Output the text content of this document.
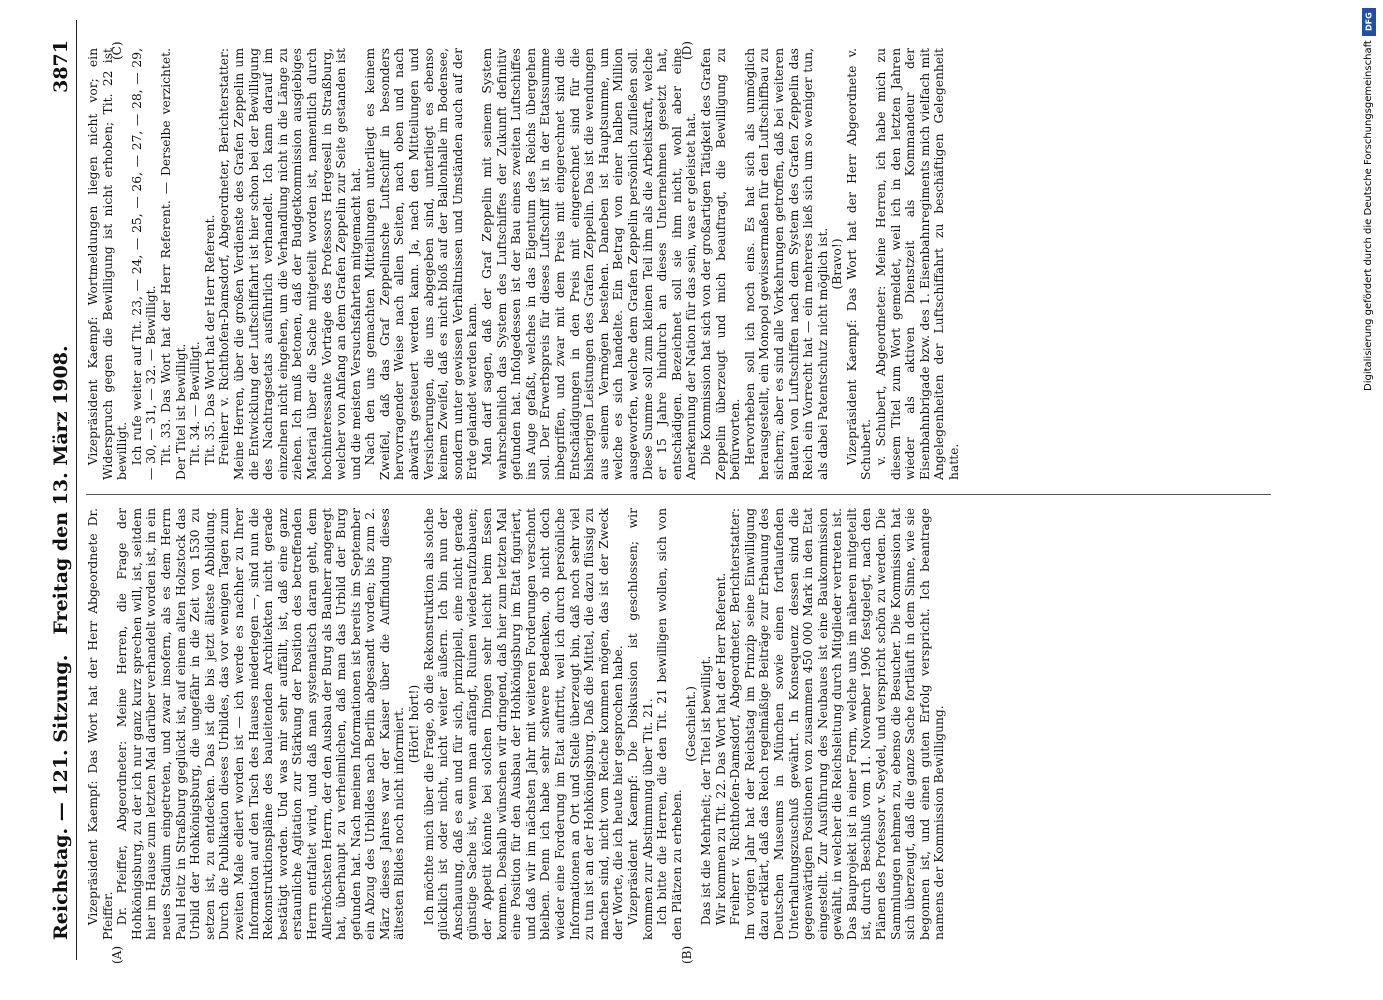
Reichstag. — 121. Sitzung.
Freitag den 13. März 1908.
3871
(A)	(B)
(C)	(D)

Vizepräsident Kaempf: Das Wort hat der Herr Abgeordnete Dr. Pfeiffer. Dr. Pfeiffer, Abgeordneter: Meine Herren, die Frage der Hohkönigsburg, zu der ich nur ganz kurz sprechen will, ist, seitdem hier im Hause zum letzten Mal darüber verhandelt worden ist, in ein neues Stadium eingetreten, und zwar insofern, als es dem Herrn Paul Heitz in Straßburg geglückt ist, auf einem alten Holzstock das Urbild der Hohkönigsburg, die ungefähr in die Zeit von 1530 zu setzen ist, zu entdecken. Das ist die bis jetzt älteste Abbildung. Durch die Publikation dieses Urbildes, das vor wenigen Tagen zum zweiten Male ediert worden ist — ich werde es nachher zu Ihrer Information auf den Tisch des Hauses niederlegen —, sind nun die Rekonstruktionspläne des bauleitenden Architekten nicht gerade bestätigt worden. Und was mir sehr auffällt, ist, daß eine ganz erstaunliche Agitation zur Stärkung der Position des betreffenden Herrn entfaltet wird, und daß man systematisch daran geht, dem Allerhöchsten Herrn, der den Ausbau der Burg als Bauherr angeregt hat, überhaupt zu verheimlichen, daß man das Urbild der Burg gefunden hat. Nach meinen Informationen ist bereits im September ein Abzug des Urbildes nach Berlin abgesandt worden; bis zum 2. März dieses Jahres war der Kaiser über die Auffindung dieses ältesten Bildes noch nicht informiert. (Hört! hört!) Ich möchte mich über die Frage, ob die Rekonstruktion als solche glücklich ist oder nicht, nicht weiter äußern. Ich bin nun der Anschauung, daß es an und für sich, prinzipiell, eine nicht gerade günstige Sache ist, wenn man anfängt, Ruinen wiederaufzubauen; der Appetit könnte bei solchen Dingen sehr leicht beim Essen kommen. Deshalb wünschen wir dringend, daß hier zum letzten Mal eine Position für den Ausbau der Hohkönigsburg im Etat figuriert, und daß wir im nächsten Jahr mit weiteren Forderungen verschont bleiben. Denn ich habe sehr schwere Bedenken, ob nicht doch wieder eine Forderung im Etat auftritt, weil ich durch persönliche Informationen an Ort und Stelle überzeugt bin, daß noch sehr viel zu tun ist an der Hohkönigsburg. Daß die Mittel, die dazu flüssig zu machen sind, nicht vom Reiche kommen mögen, das ist der Zweck der Worte, die ich heute hier gesprochen habe. Vizepräsident Kaempf: Die Diskussion ist geschlossen; wir kommen zur Abstimmung über Tit. 21. Ich bitte die Herren, die den Tit. 21 bewilligen wollen, sich von den Plätzen zu erheben.

(Geschieht.) Das ist die Mehrheit; der Titel ist bewilligt. Wir kommen zu Tit. 22. Das Wort hat der Herr Referent. Freiherr v. Richthofen-Damsdorf, Abgeordneter, Berichterstatter: Im vorigen Jahr hat der Reichstag im Prinzip seine Einwilligung dazu erklärt, daß das Reich regelmäßige Beiträge zur Erbauung des Deutschen Museums in München sowie einen fortlaufenden Unterhaltungszuschuß gewährt. In Konsequenz dessen sind die gegenwärtigen Positionen von zusammen 450 000 Mark in den Etat eingestellt. Zur Ausführung des Neubaues ist eine Baukommission gewählt, in welcher die Reichsleitung durch Mitglieder vertreten ist. Das Bauprojekt ist in einer Form, welche uns im näheren mitgeteilt ist, durch Beschluß vom 11. November 1906 festgelegt, nach den Plänen des Professor v. Seydel, und verspricht schön zu werden. Die Sammlungen nehmen zu, ebenso die Besucher. Die Kommission hat sich überzeugt, daß die ganze Sache fortläuft in dem Sinne, wie sie begonnen ist, und einen guten Erfolg verspricht. Ich beantrage namens der Kommission Bewilligung.

Vizepräsident Kaempf: Wortmeldungen liegen nicht vor; ein Widerspruch gegen die Bewilligung ist nicht erhoben; Tit. 22 ist bewilligt. Ich rufe weiter auf Tit. 23, — 24, — 25, — 26, — 27, — 28, — 29, — 30, — 31, — 32. — Bewilligt. Tit. 33. Das Wort hat der Herr Referent. — Derselbe verzichtet. Der Titel ist bewilligt. Tit. 34. — Bewilligt. Tit. 35. Das Wort hat der Herr Referent. Freiherr v. Richthofen-Damsdorf, Abgeordneter, Berichterstatter: Meine Herren, über die großen Verdienste des Grafen Zeppelin um die Entwicklung der Luftschiffahrt ist hier schon bei der Bewilligung des Nachtragsetats ausführlich verhandelt. Ich kann darauf im einzelnen nicht eingehen, um die Verhandlung nicht in die Länge zu ziehen. Ich muß betonen, daß der Budgetkommission ausgiebiges Material über die Sache mitgeteilt worden ist, namentlich durch hochinteressante Vorträge des Professors Hergesell in Straßburg, welcher von Anfang an dem Grafen Zeppelin zur Seite gestanden ist und die meisten Versuchsfahrten mitgemacht hat. Nach den uns gemachten Mitteilungen unterliegt es keinem Zweifel, daß das Graf Zeppelinsche Luftschiff in besonders hervorragender Weise nach allen Seiten, nach oben und nach abwärts gesteuert werden kann. Ja, nach den Mitteilungen und Versicherungen, die uns abgegeben sind, unterliegt es ebenso keinem Zweifel, daß es nicht bloß auf der Ballonhalle im Bodensee, sondern unter gewissen Verhältnissen und Umständen auch auf der Erde gelandet werden kann. Man darf sagen, daß der Graf Zeppelin mit seinem System wahrscheinlich das System des Luftschiffes der Zukunft definitiv gefunden hat. Infolgedessen ist der Bau eines zweiten Luftschiffes ins Auge gefaßt, welches in das Eigentum des Reichs übergehen soll. Der Erwerbspreis für dieses Luftschiff ist in der Etatssumme inbegriffen, und zwar mit dem Preis mit eingerechnet sind die Entschädigungen in den Preis mit eingerechnet sind für die bisherigen Leistungen des Grafen Zeppelin. Das ist die wendungen aus seinem Vermögen bestehen. Daneben ist Hauptsumme, um welche es sich handelte. Ein Betrag von einer halben Million ausgeworfen, welche dem Grafen Zeppelin persönlich zufließen soll. Diese Summe soll zum kleinen Teil ihm als die Arbeitskraft, welche er 15 Jahre hindurch an dieses Unternehmen gesetzt hat, entschädigen. Bezeichnet soll sie ihm nicht, wohl aber eine Anerkennung der Nation für das sein, was er geleistet hat. Die Kommission hat sich von der großartigen Tätigkeit des Grafen Zeppelin überzeugt und mich beauftragt, die Bewilligung zu befürworten. Hervorheben soll ich noch eins. Es hat sich als unmöglich herausgestellt, ein Monopol gewissermaßen für den Luftschiffbau zu sichern; aber es sind alle Vorkehrungen getroffen, daß bei weiteren Bauten von Luftschiffen nach dem System des Grafen Zeppelin das Reich ein Vorrecht hat — ein mehreres ließ sich um so weniger tun, als dabei Patentschutz nicht möglich ist. (Bravo!) Vizepräsident Kaempf: Das Wort hat der Herr Abgeordnete v. Schubert. v. Schubert, Abgeordneter: Meine Herren, ich habe mich zu diesem Titel zum Wort gemeldet, weil ich in den letzten Jahren wieder als aktiven Dienstzeit als Kommandeur der Eisenbahnbrigade bzw. des 1. Eisenbahnregiments mich vielfach mit Angelegenheiten der Luftschiffahrt zu beschäftigen Gelegenheit hatte.

DFG
Digitalisierung gefördert durch die Deutsche Forschungsgemeinschaft
